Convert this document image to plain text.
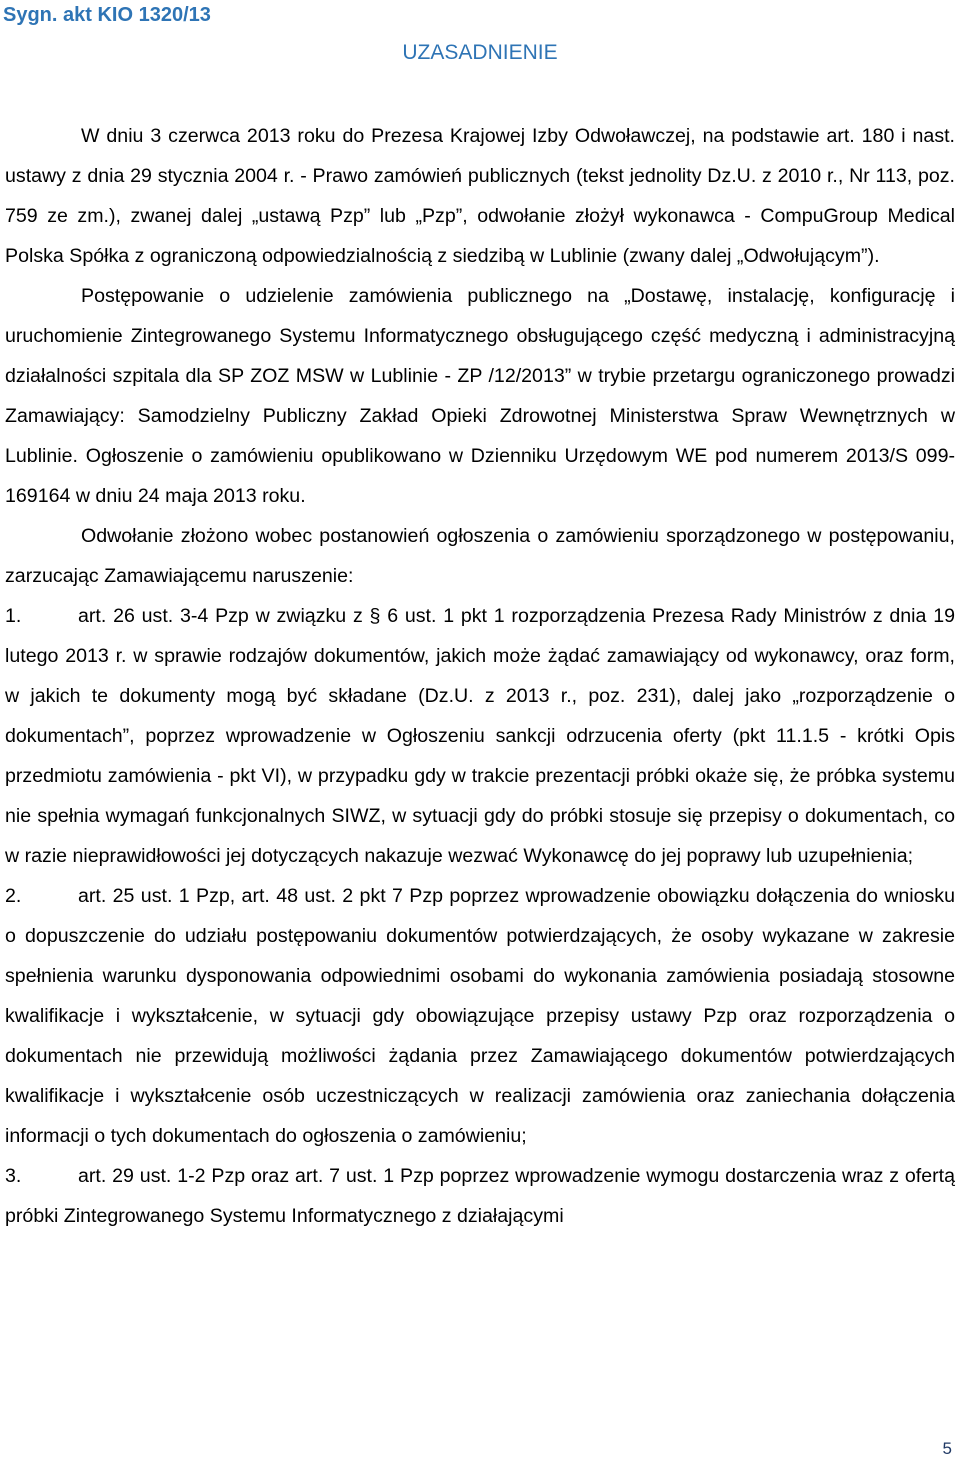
Sygn. akt KIO 1320/13
UZASADNIENIE

W dniu 3 czerwca 2013 roku do Prezesa Krajowej Izby Odwoławczej, na podstawie art. 180 i nast. ustawy z dnia 29 stycznia 2004 r. - Prawo zamówień publicznych (tekst jednolity Dz.U. z 2010 r., Nr 113, poz. 759 ze zm.), zwanej dalej „ustawą Pzp” lub „Pzp”, odwołanie złożył wykonawca - CompuGroup Medical Polska Spółka z ograniczoną odpowiedzialnością z siedzibą w Lublinie (zwany dalej „Odwołującym”).

Postępowanie o udzielenie zamówienia publicznego na „Dostawę, instalację, konfigurację i uruchomienie Zintegrowanego Systemu Informatycznego obsługującego część medyczną i administracyjną działalności szpitala dla SP ZOZ MSW w Lublinie - ZP /12/2013” w trybie przetargu ograniczonego prowadzi Zamawiający: Samodzielny Publiczny Zakład Opieki Zdrowotnej Ministerstwa Spraw Wewnętrznych w Lublinie. Ogłoszenie o zamówieniu opublikowano w Dzienniku Urzędowym WE pod numerem 2013/S 099-169164 w dniu 24 maja 2013 roku.

Odwołanie złożono wobec postanowień ogłoszenia o zamówieniu sporządzonego w postępowaniu, zarzucając Zamawiającemu naruszenie:

1.	art. 26 ust. 3-4 Pzp w związku z § 6 ust. 1 pkt 1 rozporządzenia Prezesa Rady Ministrów z dnia 19 lutego 2013 r. w sprawie rodzajów dokumentów, jakich może żądać zamawiający od wykonawcy, oraz form, w jakich te dokumenty mogą być składane (Dz.U. z 2013 r., poz. 231), dalej jako „rozporządzenie o dokumentach”, poprzez wprowadzenie w Ogłoszeniu sankcji odrzucenia oferty (pkt 11.1.5 - krótki Opis przedmiotu zamówienia - pkt VI), w przypadku gdy w trakcie prezentacji próbki okaże się, że próbka systemu nie spełnia wymagań funkcjonalnych SIWZ, w sytuacji gdy do próbki stosuje się przepisy o dokumentach, co w razie nieprawidłowości jej dotyczących nakazuje wezwać Wykonawcę do jej poprawy lub uzupełnienia;

2.	art. 25 ust. 1 Pzp, art. 48 ust. 2 pkt 7 Pzp poprzez wprowadzenie obowiązku dołączenia do wniosku o dopuszczenie do udziału postępowaniu dokumentów potwierdzających, że osoby wykazane w zakresie spełnienia warunku dysponowania odpowiednimi osobami do wykonania zamówienia posiadają stosowne kwalifikacje i wykształcenie, w sytuacji gdy obowiązujące przepisy ustawy Pzp oraz rozporządzenia o dokumentach nie przewidują możliwości żądania przez Zamawiającego dokumentów potwierdzających kwalifikacje i wykształcenie osób uczestniczących w realizacji zamówienia oraz zaniechania dołączenia informacji o tych dokumentach do ogłoszenia o zamówieniu;

3.	art. 29 ust. 1-2 Pzp oraz art. 7 ust. 1 Pzp poprzez wprowadzenie wymogu dostarczenia wraz z ofertą próbki Zintegrowanego Systemu Informatycznego z działającymi

5
